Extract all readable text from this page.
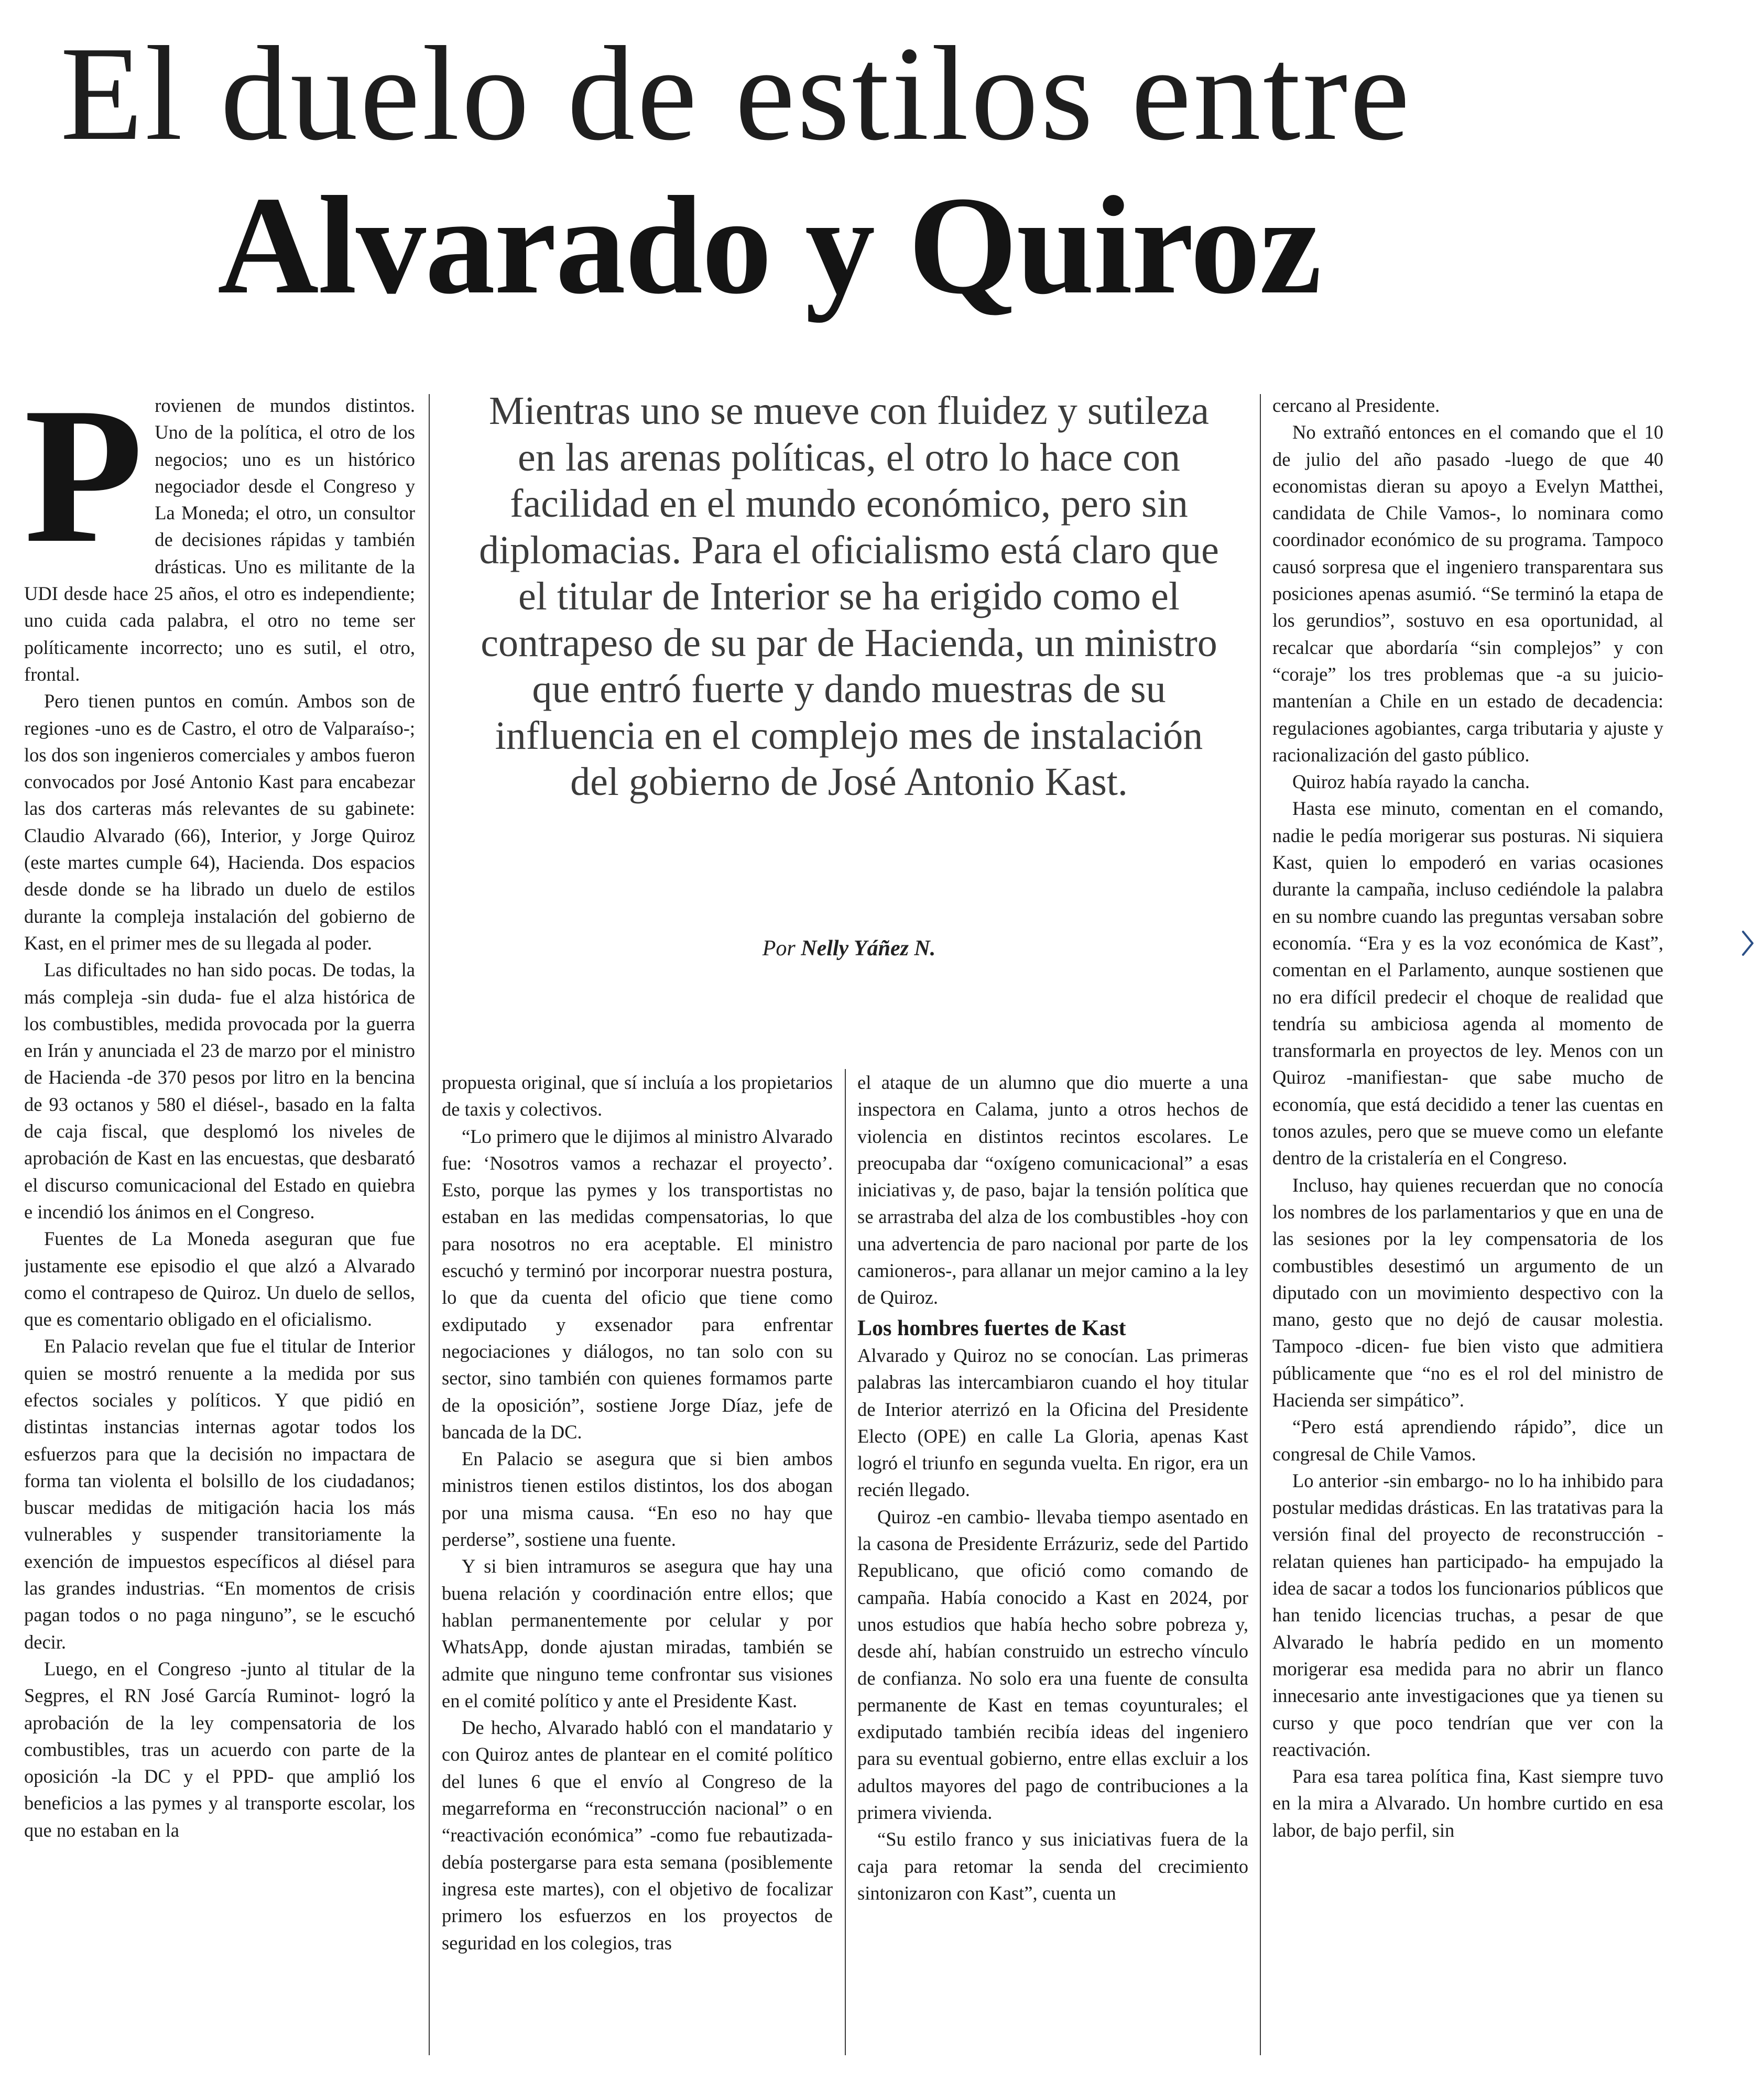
El duelo de estilos entre
Alvarado y Quiroz
P rovienen de mundos distintos. Uno de la política, el otro de los negocios; uno es un histórico negociador desde el Congreso y La Moneda; el otro, un consultor de decisiones rápidas y también drásticas. Uno es militante de la UDI desde hace 25 años, el otro es independiente; uno cuida cada palabra, el otro no teme ser políticamente incorrecto; uno es sutil, el otro, frontal.

Pero tienen puntos en común. Ambos son de regiones -uno es de Castro, el otro de Valparaíso-; los dos son ingenieros comerciales y ambos fueron convocados por José Antonio Kast para encabezar las dos carteras más relevantes de su gabinete: Claudio Alvarado (66), Interior, y Jorge Quiroz (este martes cumple 64), Hacienda. Dos espacios desde donde se ha librado un duelo de estilos durante la compleja instalación del gobierno de Kast, en el primer mes de su llegada al poder.

Las dificultades no han sido pocas. De todas, la más compleja -sin duda- fue el alza histórica de los combustibles, medida provocada por la guerra en Irán y anunciada el 23 de marzo por el ministro de Hacienda -de 370 pesos por litro en la bencina de 93 octanos y 580 el diésel-, basado en la falta de caja fiscal, que desplomó los niveles de aprobación de Kast en las encuestas, que desbarató el discurso comunicacional del Estado en quiebra e incendió los ánimos en el Congreso.

Fuentes de La Moneda aseguran que fue justamente ese episodio el que alzó a Alvarado como el contrapeso de Quiroz. Un duelo de sellos, que es comentario obligado en el oficialismo.

En Palacio revelan que fue el titular de Interior quien se mostró renuente a la medida por sus efectos sociales y políticos. Y que pidió en distintas instancias internas agotar todos los esfuerzos para que la decisión no impactara de forma tan violenta el bolsillo de los ciudadanos; buscar medidas de mitigación hacia los más vulnerables y suspender transitoriamente la exención de impuestos específicos al diésel para las grandes industrias. “En momentos de crisis pagan todos o no paga ninguno”, se le escuchó decir.

Luego, en el Congreso -junto al titular de la Segpres, el RN José García Ruminot- logró la aprobación de la ley compensatoria de los combustibles, tras un acuerdo con parte de la oposición -la DC y el PPD- que amplió los beneficios a las pymes y al transporte escolar, los que no estaban en la

Mientras uno se mueve con fluidez y sutileza en las arenas políticas, el otro lo hace con facilidad en el mundo económico, pero sin diplomacias. Para el oficialismo está claro que el titular de Interior se ha erigido como el contrapeso de su par de Hacienda, un ministro que entró fuerte y dando muestras de su influencia en el complejo mes de instalación del gobierno de José Antonio Kast.
Por Nelly Yáñez N.

propuesta original, que sí incluía a los propietarios de taxis y colectivos.

“Lo primero que le dijimos al ministro Alvarado fue: ‘Nosotros vamos a rechazar el proyecto’. Esto, porque las pymes y los transportistas no estaban en las medidas compensatorias, lo que para nosotros no era aceptable. El ministro escuchó y terminó por incorporar nuestra postura, lo que da cuenta del oficio que tiene como exdiputado y exsenador para enfrentar negociaciones y diálogos, no tan solo con su sector, sino también con quienes formamos parte de la oposición”, sostiene Jorge Díaz, jefe de bancada de la DC.

En Palacio se asegura que si bien ambos ministros tienen estilos distintos, los dos abogan por una misma causa. “En eso no hay que perderse”, sostiene una fuente.

Y si bien intramuros se asegura que hay una buena relación y coordinación entre ellos; que hablan permanentemente por celular y por WhatsApp, donde ajustan miradas, también se admite que ninguno teme confrontar sus visiones en el comité político y ante el Presidente Kast.

De hecho, Alvarado habló con el mandatario y con Quiroz antes de plantear en el comité político del lunes 6 que el envío al Congreso de la megarreforma en “reconstrucción nacional” o en “reactivación económica” -como fue rebautizada- debía postergarse para esta semana (posiblemente ingresa este martes), con el objetivo de focalizar primero los esfuerzos en los proyectos de seguridad en los colegios, tras

el ataque de un alumno que dio muerte a una inspectora en Calama, junto a otros hechos de violencia en distintos recintos escolares. Le preocupaba dar “oxígeno comunicacional” a esas iniciativas y, de paso, bajar la tensión política que se arrastraba del alza de los combustibles -hoy con una advertencia de paro nacional por parte de los camioneros-, para allanar un mejor camino a la ley de Quiroz.

Los hombres fuertes de Kast

Alvarado y Quiroz no se conocían. Las primeras palabras las intercambiaron cuando el hoy titular de Interior aterrizó en la Oficina del Presidente Electo (OPE) en calle La Gloria, apenas Kast logró el triunfo en segunda vuelta. En rigor, era un recién llegado.

Quiroz -en cambio- llevaba tiempo asentado en la casona de Presidente Errázuriz, sede del Partido Republicano, que ofició como comando de campaña. Había conocido a Kast en 2024, por unos estudios que había hecho sobre pobreza y, desde ahí, habían construido un estrecho vínculo de confianza. No solo era una fuente de consulta permanente de Kast en temas coyunturales; el exdiputado también recibía ideas del ingeniero para su eventual gobierno, entre ellas excluir a los adultos mayores del pago de contribuciones a la primera vivienda.

“Su estilo franco y sus iniciativas fuera de la caja para retomar la senda del crecimiento sintonizaron con Kast”, cuenta un

cercano al Presidente.

No extrañó entonces en el comando que el 10 de julio del año pasado -luego de que 40 economistas dieran su apoyo a Evelyn Matthei, candidata de Chile Vamos-, lo nominara como coordinador económico de su programa. Tampoco causó sorpresa que el ingeniero transparentara sus posiciones apenas asumió. “Se terminó la etapa de los gerundios”, sostuvo en esa oportunidad, al recalcar que abordaría “sin complejos” y con “coraje” los tres problemas que -a su juicio- mantenían a Chile en un estado de decadencia: regulaciones agobiantes, carga tributaria y ajuste y racionalización del gasto público.

Quiroz había rayado la cancha.

Hasta ese minuto, comentan en el comando, nadie le pedía morigerar sus posturas. Ni siquiera Kast, quien lo empoderó en varias ocasiones durante la campaña, incluso cediéndole la palabra en su nombre cuando las preguntas versaban sobre economía. “Era y es la voz económica de Kast”, comentan en el Parlamento, aunque sostienen que no era difícil predecir el choque de realidad que tendría su ambiciosa agenda al momento de transformarla en proyectos de ley. Menos con un Quiroz -manifiestan- que sabe mucho de economía, que está decidido a tener las cuentas en tonos azules, pero que se mueve como un elefante dentro de la cristalería en el Congreso.

Incluso, hay quienes recuerdan que no conocía los nombres de los parlamentarios y que en una de las sesiones por la ley compensatoria de los combustibles desestimó un argumento de un diputado con un movimiento despectivo con la mano, gesto que no dejó de causar molestia. Tampoco -dicen- fue bien visto que admitiera públicamente que “no es el rol del ministro de Hacienda ser simpático”.

“Pero está aprendiendo rápido”, dice un congresal de Chile Vamos.

Lo anterior -sin embargo- no lo ha inhibido para postular medidas drásticas. En las tratativas para la versión final del proyecto de reconstrucción -relatan quienes han participado- ha empujado la idea de sacar a todos los funcionarios públicos que han tenido licencias truchas, a pesar de que Alvarado le habría pedido en un momento morigerar esa medida para no abrir un flanco innecesario ante investigaciones que ya tienen su curso y que poco tendrían que ver con la reactivación.

Para esa tarea política fina, Kast siempre tuvo en la mira a Alvarado. Un hombre curtido en esa labor, de bajo perfil, sin
